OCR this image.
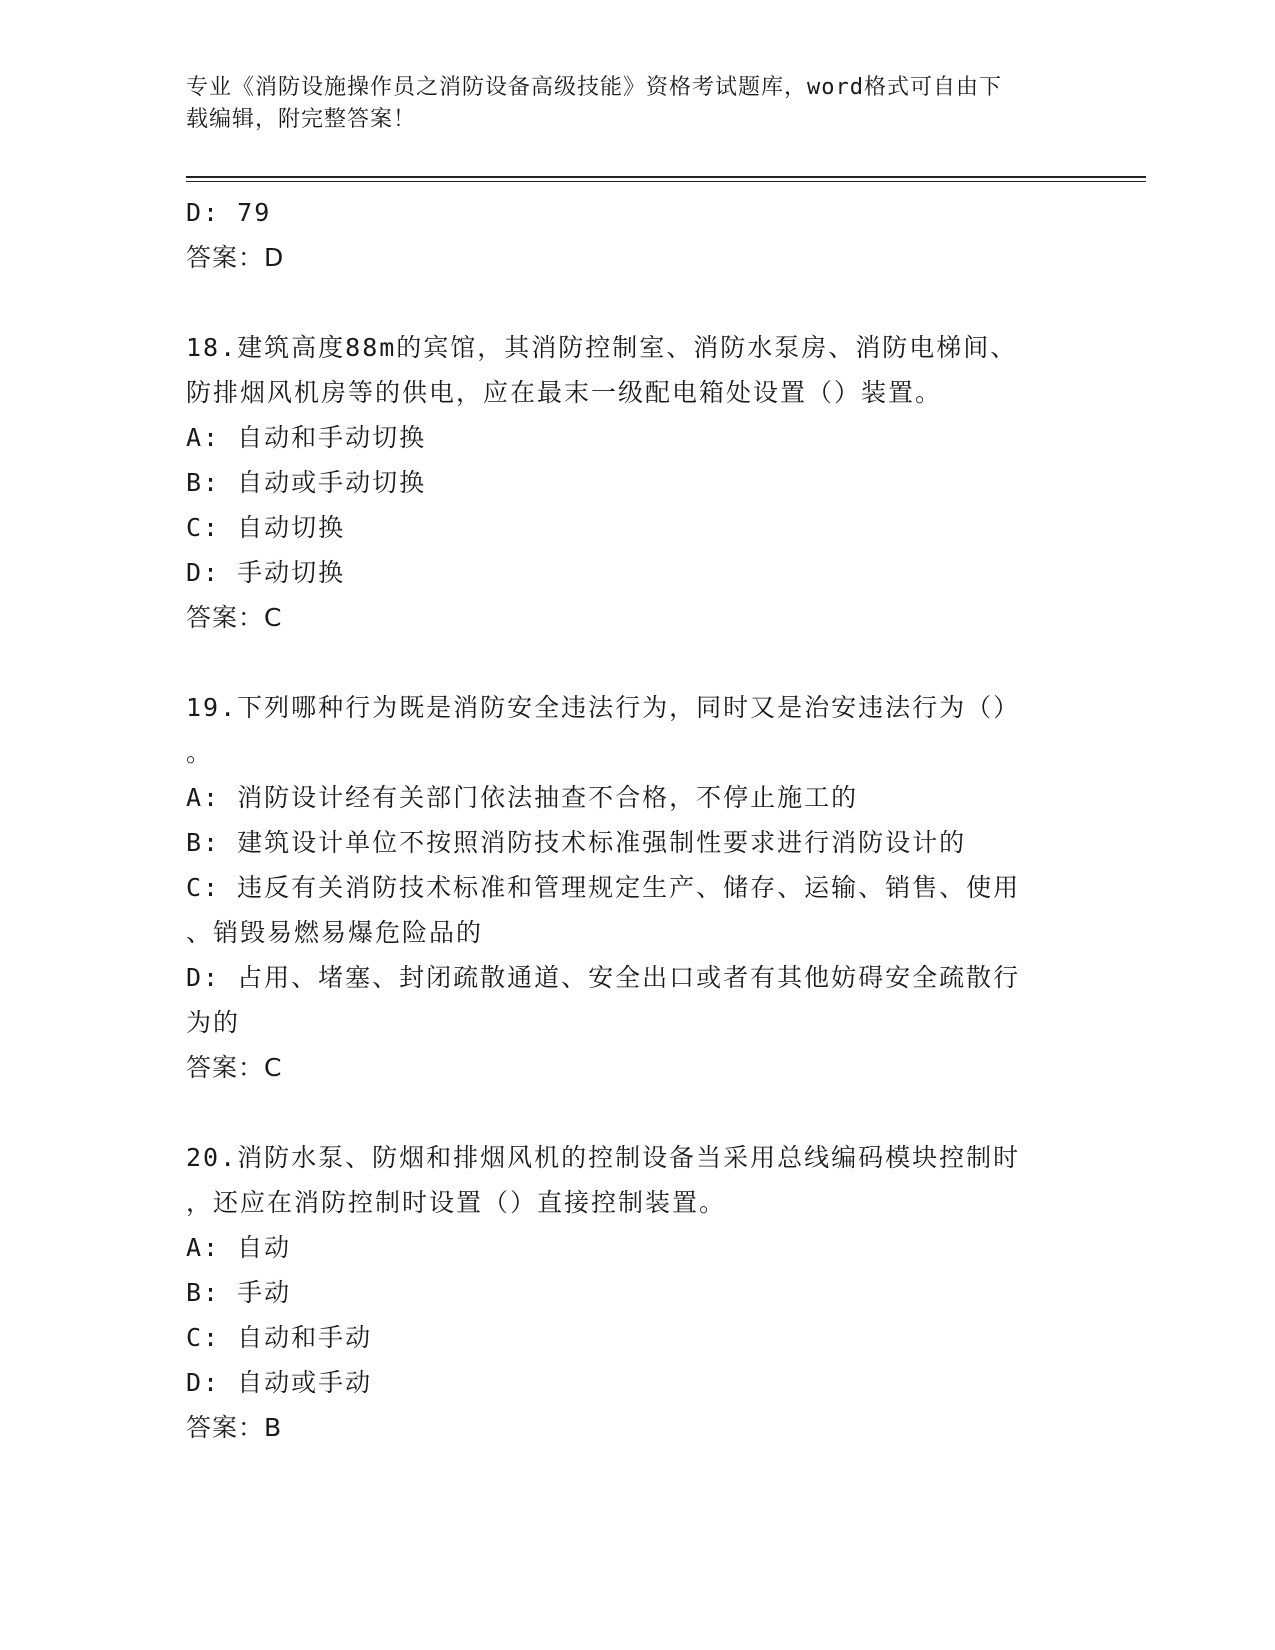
专业《消防设施操作员之消防设备高级技能》资格考试题库，word格式可自由下
载编辑，附完整答案！
D: 79
答案：D
18.建筑高度88m的宾馆，其消防控制室、消防水泵房、消防电梯间、
防排烟风机房等的供电，应在最末一级配电箱处设置（）装置。
A: 自动和手动切换
B: 自动或手动切换
C: 自动切换
D: 手动切换
答案：C
19.下列哪种行为既是消防安全违法行为，同时又是治安违法行为（）
。
A: 消防设计经有关部门依法抽查不合格，不停止施工的
B: 建筑设计单位不按照消防技术标准强制性要求进行消防设计的
C: 违反有关消防技术标准和管理规定生产、储存、运输、销售、使用
、销毁易燃易爆危险品的
D: 占用、堵塞、封闭疏散通道、安全出口或者有其他妨碍安全疏散行
为的
答案：C
20.消防水泵、防烟和排烟风机的控制设备当采用总线编码模块控制时
，还应在消防控制时设置（）直接控制装置。
A: 自动
B: 手动
C: 自动和手动
D: 自动或手动
答案：B
